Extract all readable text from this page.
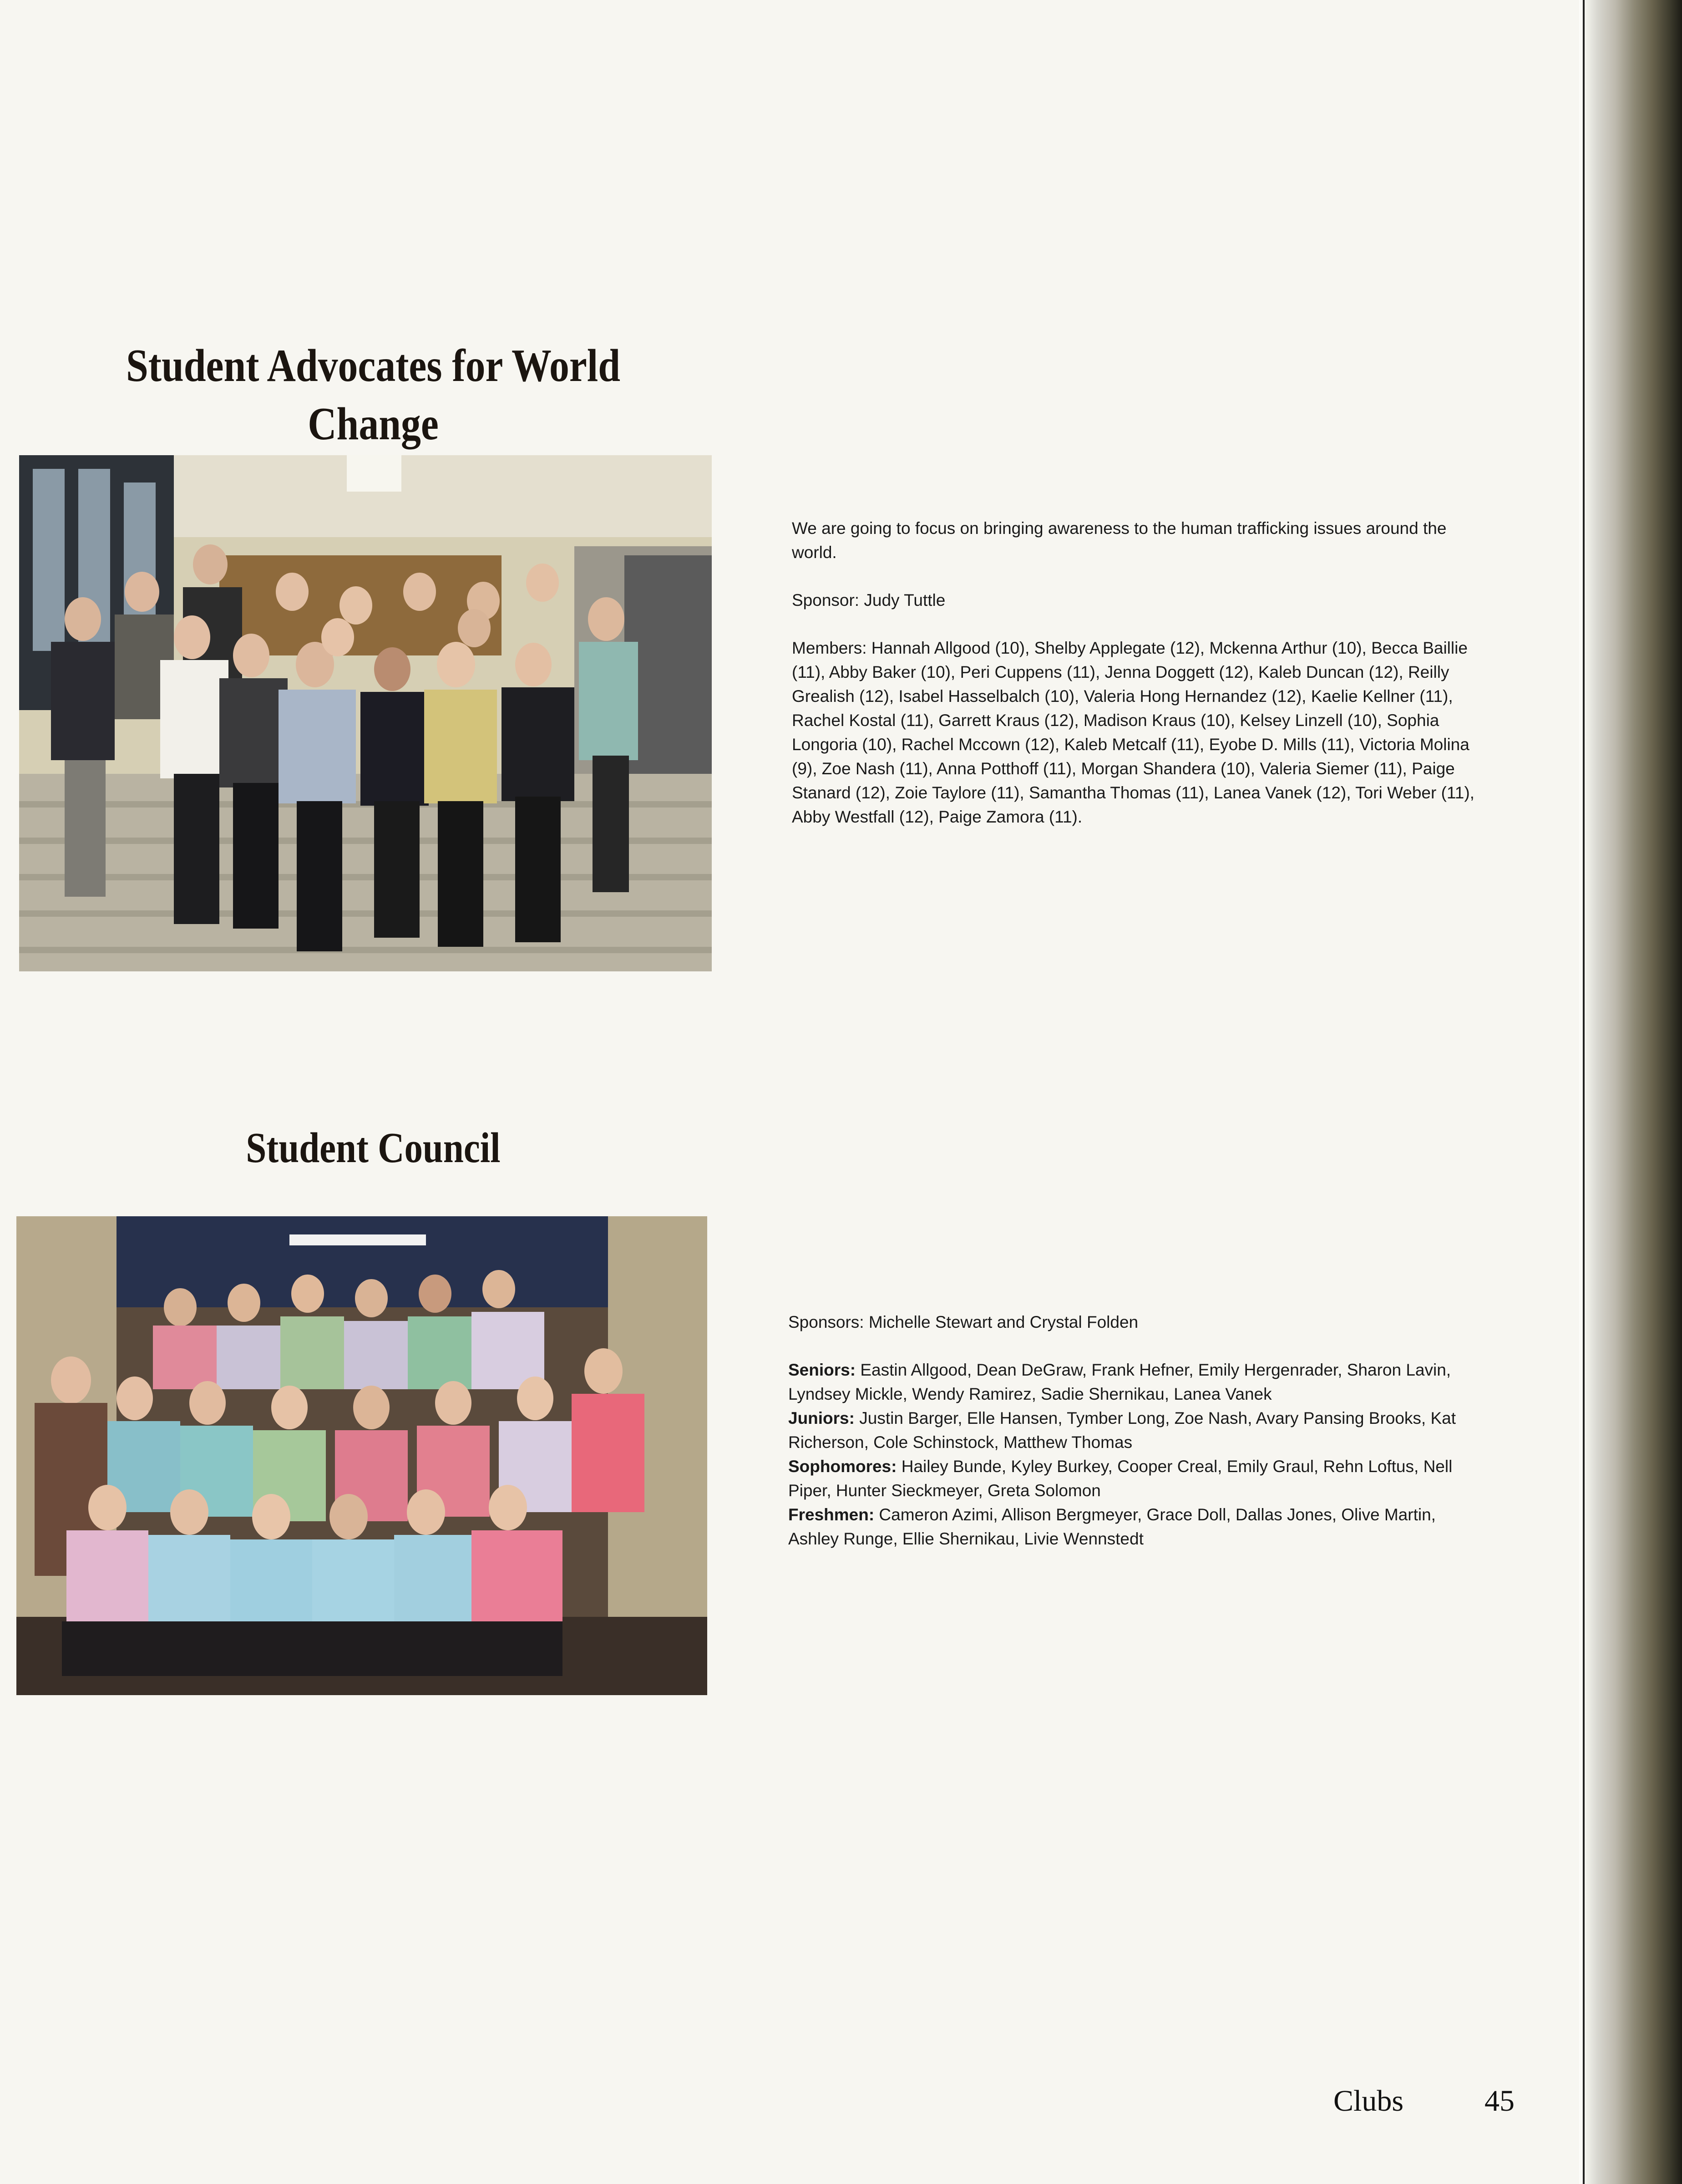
Student Advocates for World Change

We are going to focus on bringing awareness to the human trafficking issues around the world.

Sponsor: Judy Tuttle

Members: Hannah Allgood (10), Shelby Applegate (12), Mckenna Arthur (10), Becca Baillie (11), Abby Baker (10), Peri Cuppens (11), Jenna Doggett (12), Kaleb Duncan (12), Reilly Grealish (12), Isabel Hasselbalch (10), Valeria Hong Hernandez (12), Kaelie Kellner (11), Rachel Kostal (11), Garrett Kraus (12), Madison Kraus (10), Kelsey Linzell (10), Sophia Longoria (10), Rachel Mccown (12), Kaleb Metcalf (11), Eyobe D. Mills (11), Victoria Molina (9), Zoe Nash (11), Anna Potthoff (11), Morgan Shandera (10), Valeria Siemer (11), Paige Stanard (12), Zoie Taylore (11), Samantha Thomas (11), Lanea Vanek (12), Tori Weber (11), Abby Westfall (12), Paige Zamora (11).

Student Council

Sponsors: Michelle Stewart and Crystal Folden

Seniors: Eastin Allgood, Dean DeGraw, Frank Hefner, Emily Hergenrader, Sharon Lavin, Lyndsey Mickle, Wendy Ramirez, Sadie Shernikau, Lanea Vanek
Juniors: Justin Barger, Elle Hansen, Tymber Long, Zoe Nash, Avary Pansing Brooks, Kat Richerson, Cole Schinstock, Matthew Thomas
Sophomores: Hailey Bunde, Kyley Burkey, Cooper Creal, Emily Graul, Rehn Loftus, Nell Piper, Hunter Sieckmeyer, Greta Solomon
Freshmen: Cameron Azimi, Allison Bergmeyer, Grace Doll, Dallas Jones, Olive Martin, Ashley Runge, Ellie Shernikau, Livie Wennstedt
Clubs	45
